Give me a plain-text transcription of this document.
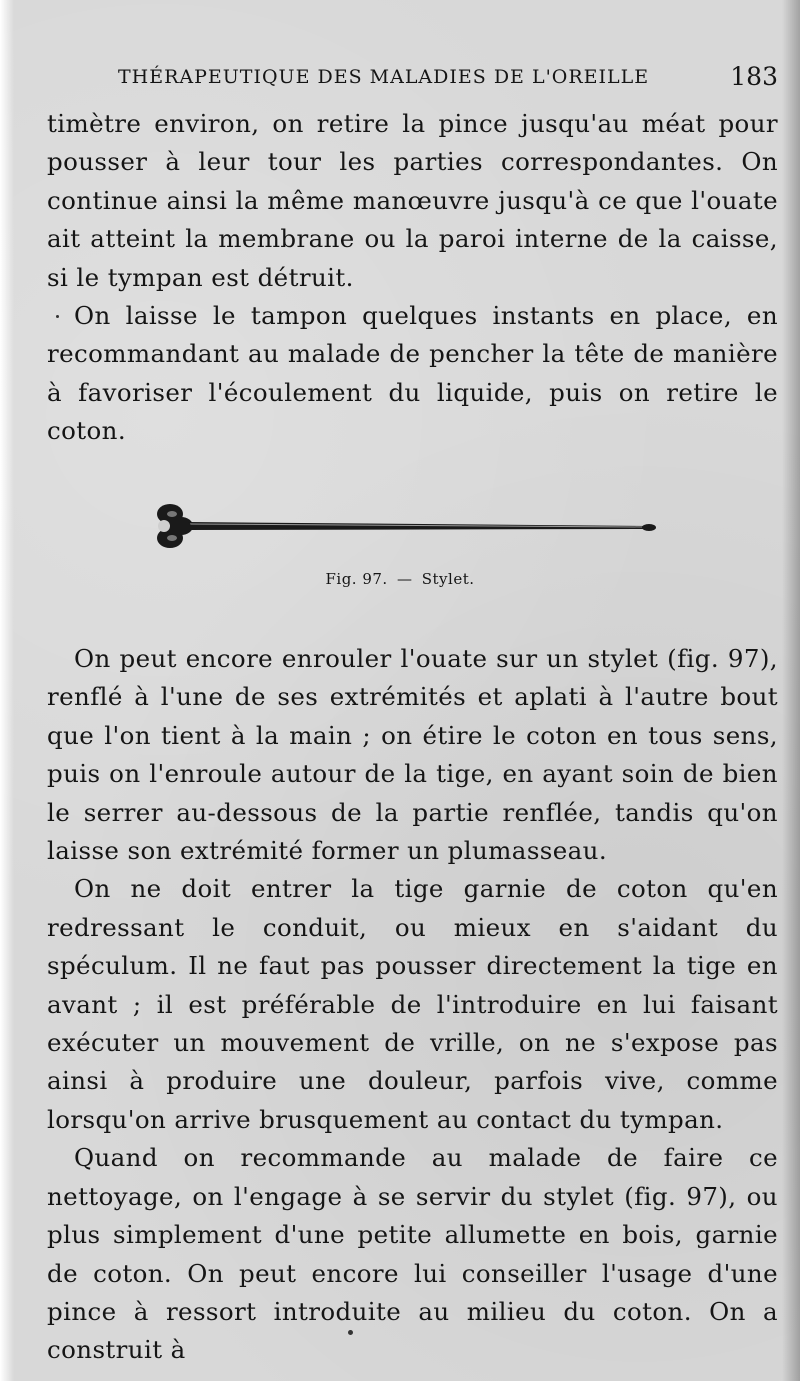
THÉRAPEUTIQUE DES MALADIES DE L'OREILLE	183

timètre environ, on retire la pince jusqu'au méat pour pousser à leur tour les parties correspondantes. On continue ainsi la même manœuvre jusqu'à ce que l'ouate ait atteint la membrane ou la paroi interne de la caisse, si le tympan est détruit.

On laisse le tampon quelques instants en place, en recommandant au malade de pencher la tête de manière à favoriser l'écoulement du liquide, puis on retire le coton.

Fig. 97. — Stylet.

On peut encore enrouler l'ouate sur un stylet (fig. 97), renflé à l'une de ses extrémités et aplati à l'autre bout que l'on tient à la main ; on étire le coton en tous sens, puis on l'enroule autour de la tige, en ayant soin de bien le serrer au-dessous de la partie renflée, tandis qu'on laisse son extrémité former un plumasseau.

On ne doit entrer la tige garnie de coton qu'en redressant le conduit, ou mieux en s'aidant du spéculum. Il ne faut pas pousser directement la tige en avant ; il est préférable de l'introduire en lui faisant exécuter un mouvement de vrille, on ne s'expose pas ainsi à produire une douleur, parfois vive, comme lorsqu'on arrive brusquement au contact du tympan.

Quand on recommande au malade de faire ce nettoyage, on l'engage à se servir du stylet (fig. 97), ou plus simplement d'une petite allumette en bois, garnie de coton. On peut encore lui conseiller l'usage d'une pince à ressort introduite au milieu du coton. On a construit à
